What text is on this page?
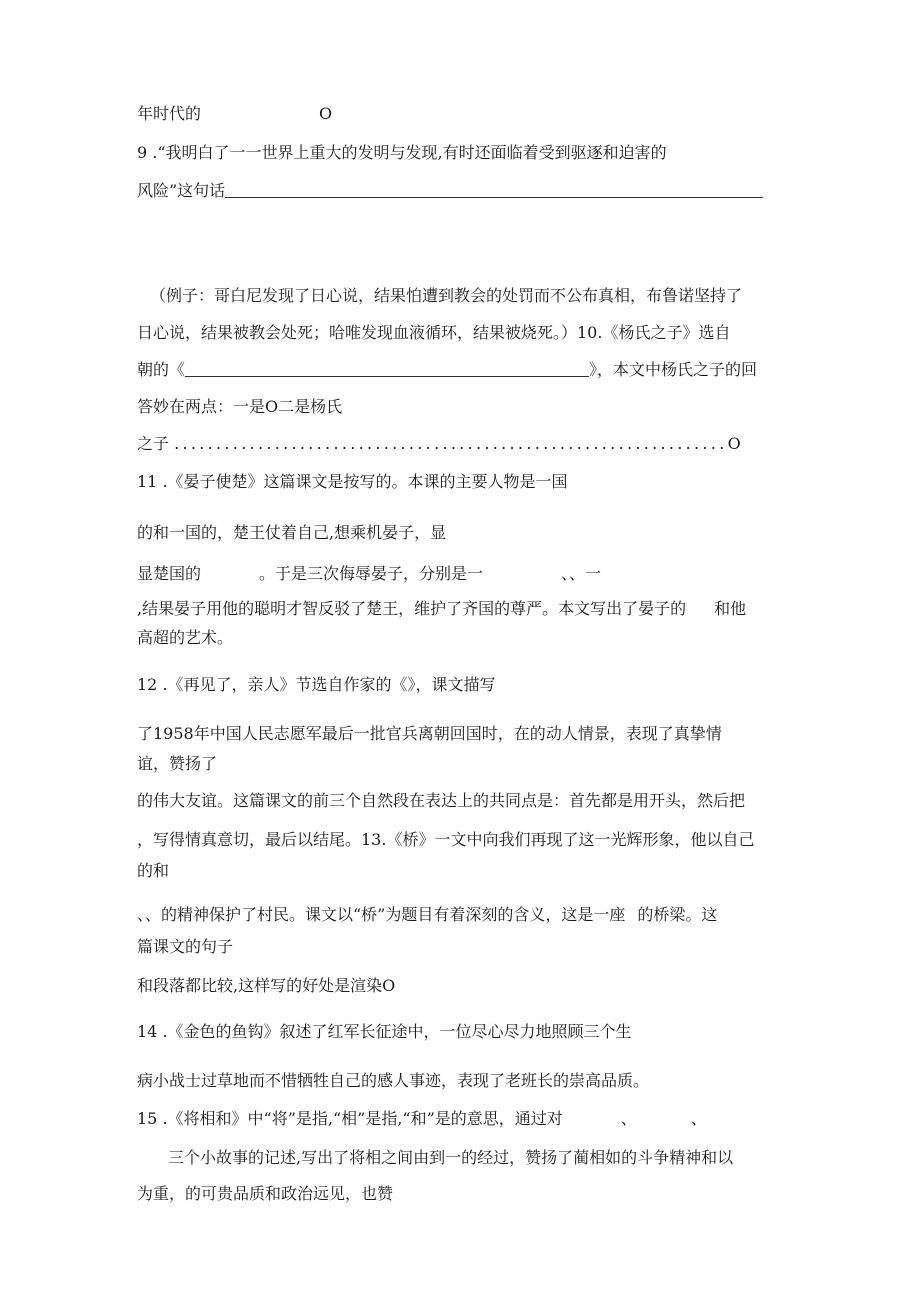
年时代的	O
9 .“我明白了一一世界上重大的发明与发现,有时还面临着受到驱逐和迫害的
风险”这句话
（例子：哥白尼发现了日心说，结果怕遭到教会的处罚而不公布真相，布鲁诺坚持了
日心说，结果被教会处死；哈唯发现血液循环，结果被烧死。）10.《杨氏之子》选自
朝的《	》，本文中杨氏之子的回
答妙在两点：一是O二是杨氏
之子 ..................................................................O
11 .《晏子使楚》这篇课文是按写的。本课的主要人物是一国
的和一国的，楚王仗着自己,想乘机晏子，显
显楚国的	。于是三次侮辱晏子，分别是一	、、一
,结果晏子用他的聪明才智反驳了楚王，维护了齐国的尊严。本文写出了晏子的 和他
高超的艺术。
12 .《再见了，亲人》节选自作家的《》，课文描写
了1958年中国人民志愿军最后一批官兵离朝回国时，在的动人情景，表现了真挚情
谊，赞扬了
的伟大友谊。这篇课文的前三个自然段在表达上的共同点是：首先都是用开头，然后把
，写得情真意切，最后以结尾。13.《桥》一文中向我们再现了这一光辉形象，他以自己
的和
、、的精神保护了村民。课文以“桥”为题目有着深刻的含义，这是一座 的桥梁。这
篇课文的句子
和段落都比较,这样写的好处是渲染O
14 .《金色的鱼钩》叙述了红军长征途中，一位尽心尽力地照顾三个生
病小战士过草地而不惜牺牲自己的感人事迹，表现了老班长的崇高品质。
15 .《将相和》中“将”是指,“相”是指,“和”是的意思，通过对	、	、
三个小故事的记述,写出了将相之间由到一的经过，赞扬了蔺相如的斗争精神和以
为重，的可贵品质和政治远见，也赞
